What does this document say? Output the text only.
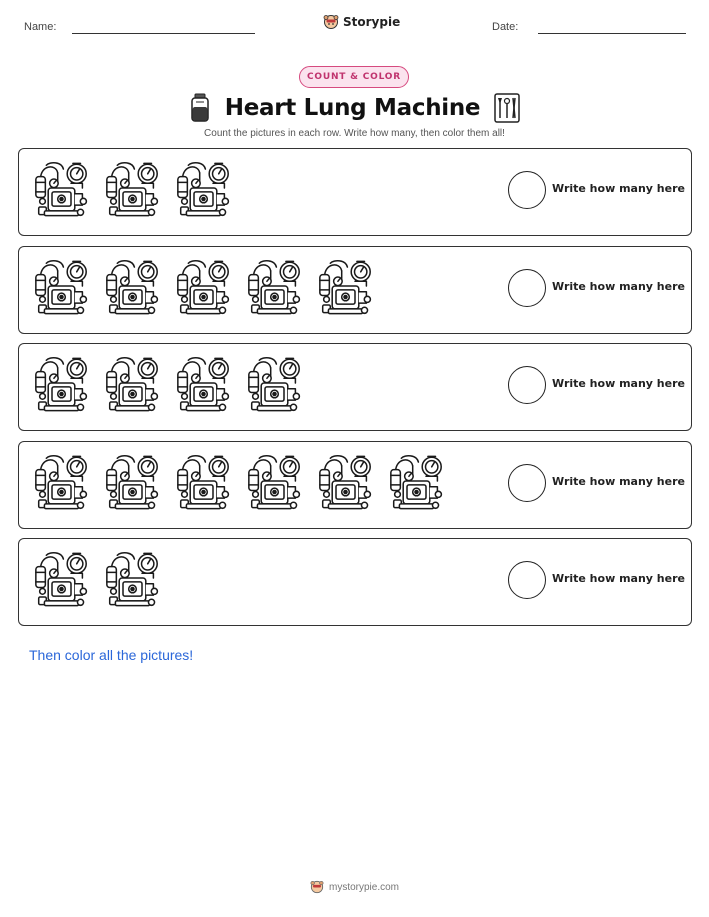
Name:	Storypie	Date:
COUNT & COLOR
Heart Lung Machine
Count the pictures in each row. Write how many, then color them all!
Write how many here
Write how many here
Write how many here
Write how many here
Write how many here
Then color all the pictures!
mystorypie.com
